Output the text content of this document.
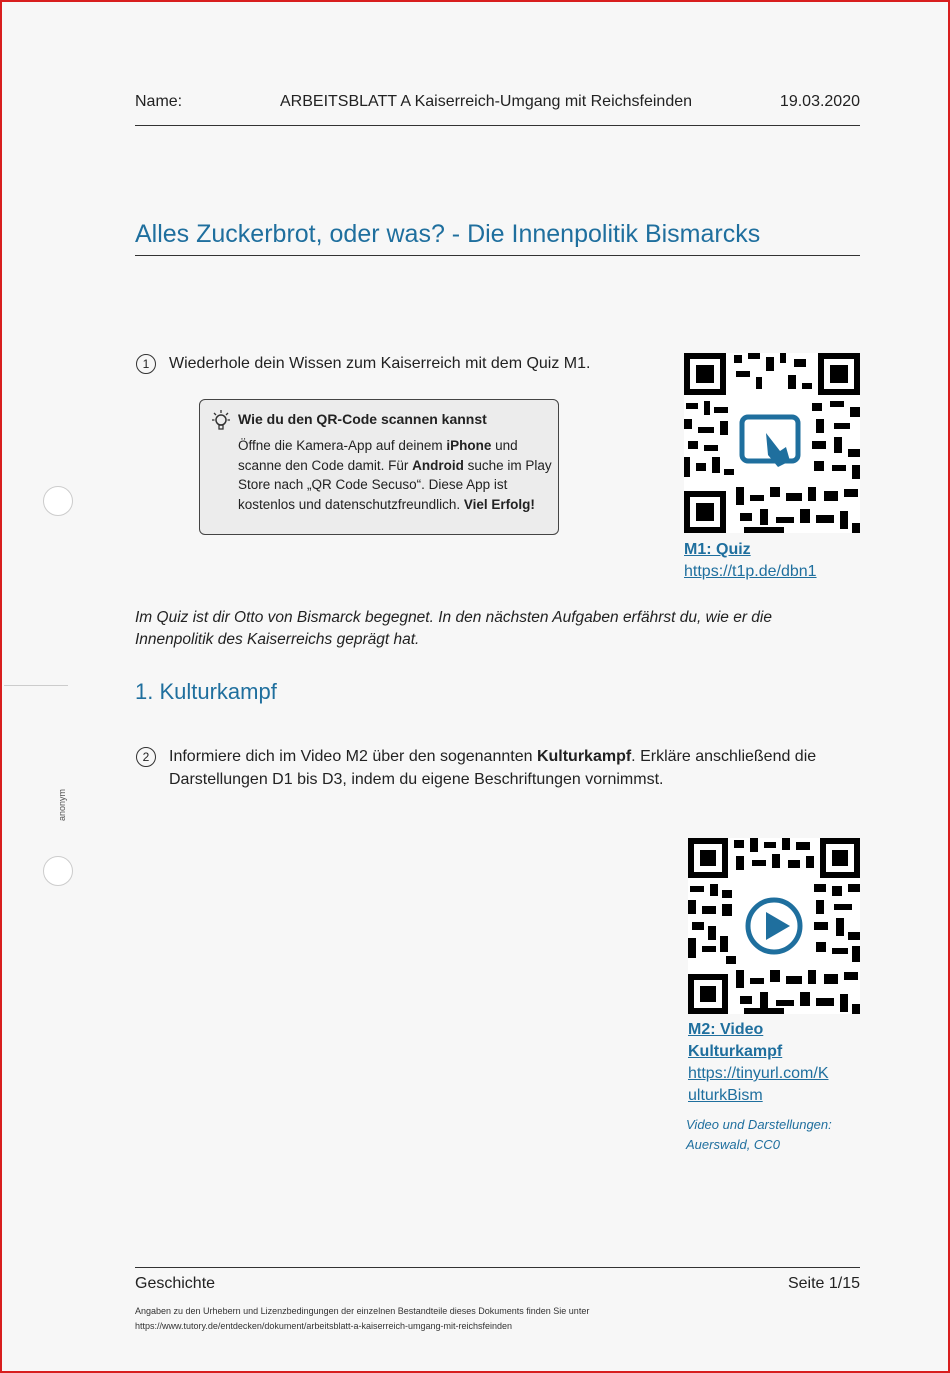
Name:	ARBEITSBLATT A Kaiserreich-Umgang mit Reichsfeinden	19.03.2020
Alles Zuckerbrot, oder was? - Die Innenpolitik Bismarcks
1	Wiederhole dein Wissen zum Kaiserreich mit dem Quiz M1.
Wie du den QR-Code scannen kannst
Öffne die Kamera-App auf deinem iPhone und scanne den Code damit. Für Android suche im Play Store nach „QR Code Secuso“. Diese App ist kostenlos und datenschutzfreundlich. Viel Erfolg!
M1: Quiz
https://t1p.de/dbn1
Im Quiz ist dir Otto von Bismarck begegnet. In den nächsten Aufgaben erfährst du, wie er die Innenpolitik des Kaiserreichs geprägt hat.
1. Kulturkampf
2	Informiere dich im Video M2 über den sogenannten Kulturkampf. Erkläre anschließend die Darstellungen D1 bis D3, indem du eigene Beschriftungen vornimmst.
M2: Video
Kulturkampf
https://tinyurl.com/K
ulturkBism
Video und Darstellungen:
Auerswald, CC0
anonym
Geschichte	Seite 1/15
Angaben zu den Urhebern und Lizenzbedingungen der einzelnen Bestandteile dieses Dokuments finden Sie unter
https://www.tutory.de/entdecken/dokument/arbeitsblatt-a-kaiserreich-umgang-mit-reichsfeinden
